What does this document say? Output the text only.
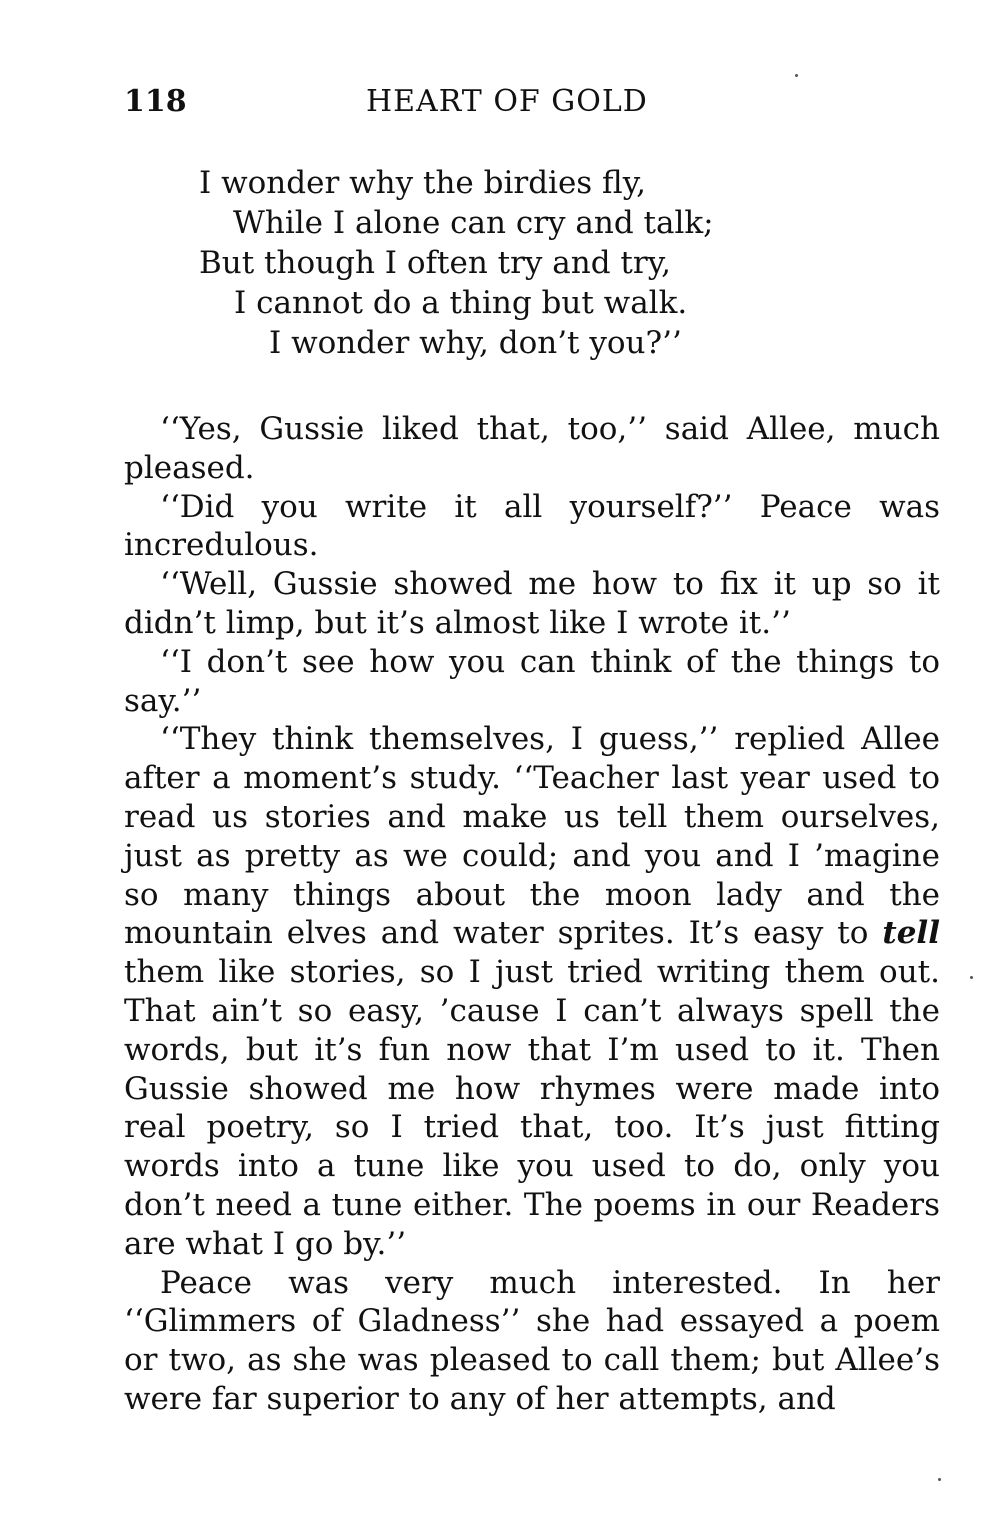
118	HEART OF GOLD
I wonder why the birdies fly,
While I alone can cry and talk;
But though I often try and try,
I cannot do a thing but walk.
I wonder why, don’t you?’’

‘‘Yes, Gussie liked that, too,’’ said Allee, much pleased.

‘‘Did you write it all yourself?’’ Peace was incredulous.

‘‘Well, Gussie showed me how to fix it up so it didn’t limp, but it’s almost like I wrote it.’’

‘‘I don’t see how you can think of the things to say.’’

‘‘They think themselves, I guess,’’ replied Allee after a moment’s study. ‘‘Teacher last year used to read us stories and make us tell them ourselves, just as pretty as we could; and you and I ’magine so many things about the moon lady and the mountain elves and water sprites. It’s easy to tell them like stories, so I just tried writing them out. That ain’t so easy, ’cause I can’t always spell the words, but it’s fun now that I’m used to it. Then Gussie showed me how rhymes were made into real poetry, so I tried that, too. It’s just fitting words into a tune like you used to do, only you don’t need a tune either. The poems in our Readers are what I go by.’’

Peace was very much interested. In her ‘‘Glimmers of Gladness’’ she had essayed a poem or two, as she was pleased to call them; but Allee’s were far superior to any of her attempts, and
